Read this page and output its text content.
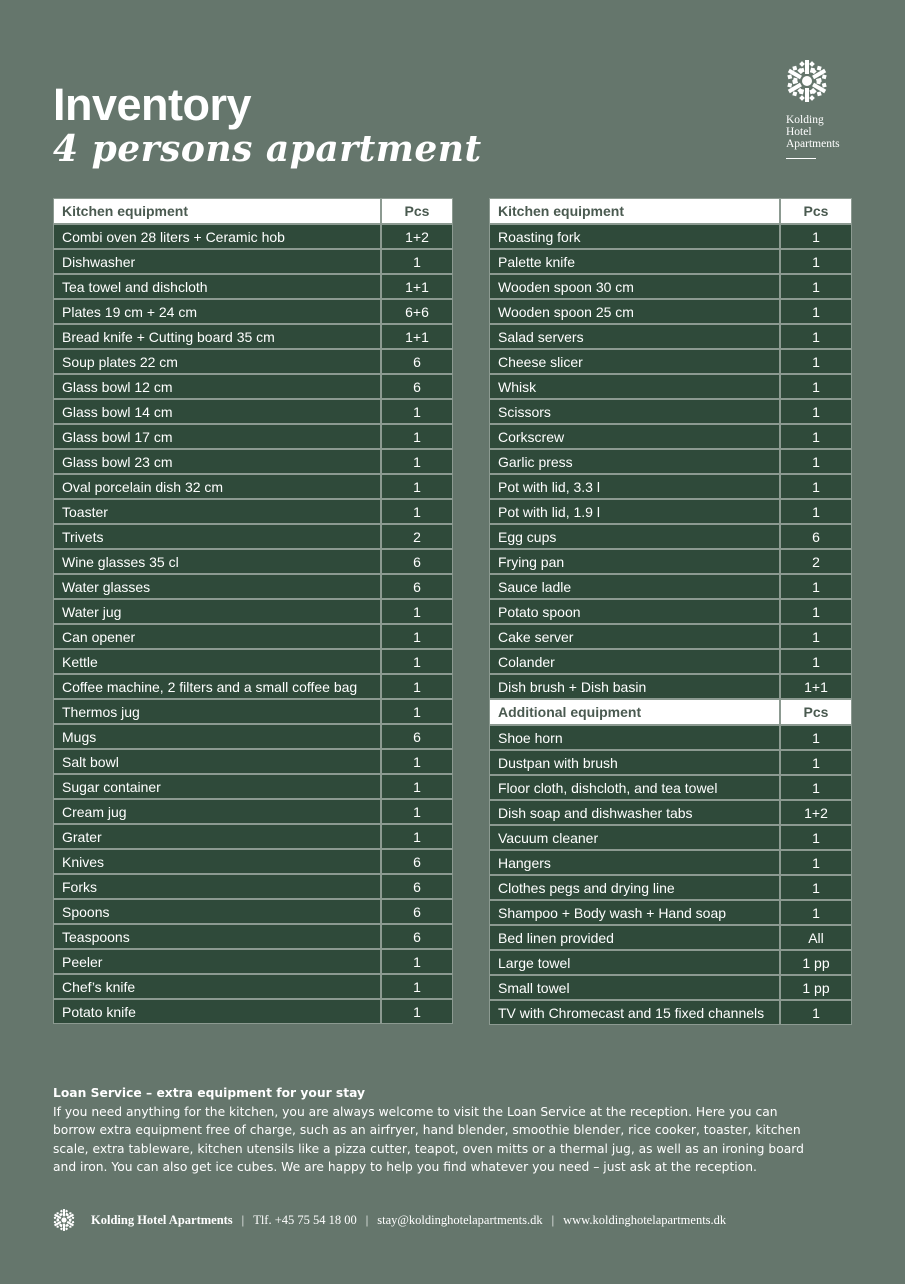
Inventory
4 persons apartment
Kolding
Hotel
Apartments
Kitchen equipment	Pcs
Combi oven 28 liters + Ceramic hob	1+2
Dishwasher	1
Tea towel and dishcloth	1+1
Plates 19 cm + 24 cm	6+6
Bread knife + Cutting board 35 cm	1+1
Soup plates 22 cm	6
Glass bowl 12 cm	6
Glass bowl 14 cm	1
Glass bowl 17 cm	1
Glass bowl 23 cm	1
Oval porcelain dish 32 cm	1
Toaster	1
Trivets	2
Wine glasses 35 cl	6
Water glasses	6
Water jug	1
Can opener	1
Kettle	1
Coffee machine, 2 filters and a small coffee bag	1
Thermos jug	1
Mugs	6
Salt bowl	1
Sugar container	1
Cream jug	1
Grater	1
Knives	6
Forks	6
Spoons	6
Teaspoons	6
Peeler	1
Chef’s knife	1
Potato knife	1
Kitchen equipment	Pcs
Roasting fork	1
Palette knife	1
Wooden spoon 30 cm	1
Wooden spoon 25 cm	1
Salad servers	1
Cheese slicer	1
Whisk	1
Scissors	1
Corkscrew	1
Garlic press	1
Pot with lid, 3.3 l	1
Pot with lid, 1.9 l	1
Egg cups	6
Frying pan	2
Sauce ladle	1
Potato spoon	1
Cake server	1
Colander	1
Dish brush + Dish basin	1+1
Additional equipment	Pcs
Shoe horn	1
Dustpan with brush	1
Floor cloth, dishcloth, and tea towel	1
Dish soap and dishwasher tabs	1+2
Vacuum cleaner	1
Hangers	1
Clothes pegs and drying line	1
Shampoo + Body wash + Hand soap	1
Bed linen provided	All
Large towel	1 pp
Small towel	1 pp
TV with Chromecast and 15 fixed channels	1
Loan Service – extra equipment for your stay
If you need anything for the kitchen, you are always welcome to visit the Loan Service at the reception. Here you can borrow extra equipment free of charge, such as an airfryer, hand blender, smoothie blender, rice cooker, toaster, kitchen scale, extra tableware, kitchen utensils like a pizza cutter, teapot, oven mitts or a thermal jug, as well as an ironing board and iron. You can also get ice cubes. We are happy to help you find whatever you need – just ask at the reception.
Kolding Hotel Apartments | Tlf. +45 75 54 18 00 | stay@koldinghotelapartments.dk | www.koldinghotelapartments.dk
